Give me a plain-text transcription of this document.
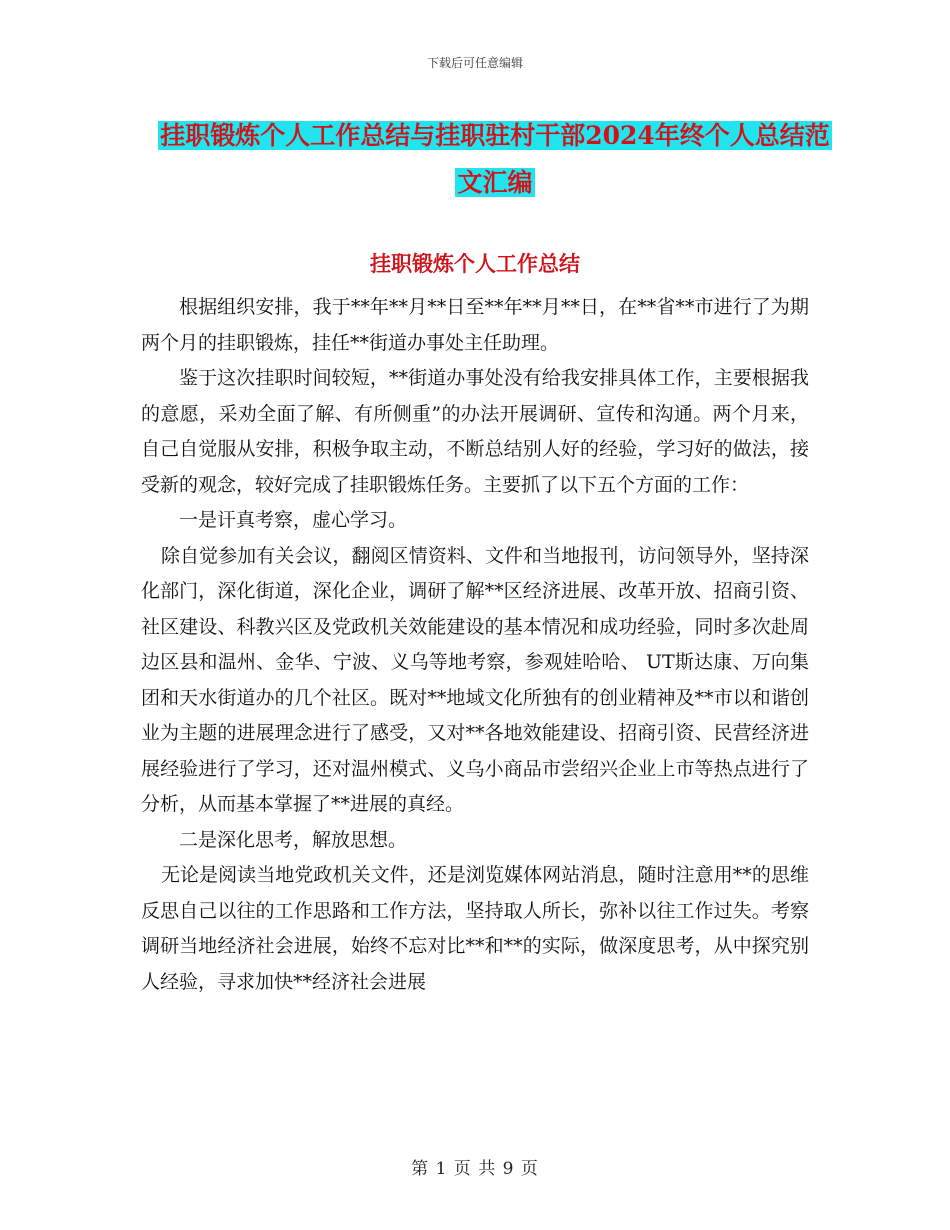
下载后可任意编辑
挂职锻炼个人工作总结与挂职驻村干部2024年终个人总结范文汇编
挂职锻炼个人工作总结

根据组织安排，我于**年**月**日至**年**月**日，在**省**市进行了为期两个月的挂职锻炼，挂任**街道办事处主任助理。

鉴于这次挂职时间较短，**街道办事处没有给我安排具体工作，主要根据我的意愿，采劝全面了解、有所侧重”的办法开展调研、宣传和沟通。两个月来，自己自觉服从安排，积极争取主动，不断总结别人好的经验，学习好的做法，接受新的观念，较好完成了挂职锻炼任务。主要抓了以下五个方面的工作：

一是讦真考察，虚心学习。

除自觉参加有关会议，翻阅区情资料、文件和当地报刊，访问领导外，坚持深化部门，深化街道，深化企业，调研了解**区经济进展、改革开放、招商引资、社区建设、科教兴区及党政机关效能建设的基本情况和成功经验，同时多次赴周边区县和温州、金华、宁波、义乌等地考察，参观娃哈哈、 UT斯达康、万向集团和天水街道办的几个社区。既对**地域文化所独有的创业精神及**市以和谐创业为主题的进展理念进行了感受，又对**各地效能建设、招商引资、民营经济进展经验进行了学习，还对温州模式、义乌小商品市尝绍兴企业上市等热点进行了分析，从而基本掌握了**进展的真经。

二是深化思考，解放思想。

无论是阅读当地党政机关文件，还是浏览媒体网站消息，随时注意用**的思维反思自己以往的工作思路和工作方法，坚持取人所长，弥补以往工作过失。考察调研当地经济社会进展，始终不忘对比**和**的实际，做深度思考，从中探究别人经验，寻求加快**经济社会进展

第 1 页 共 9 页
